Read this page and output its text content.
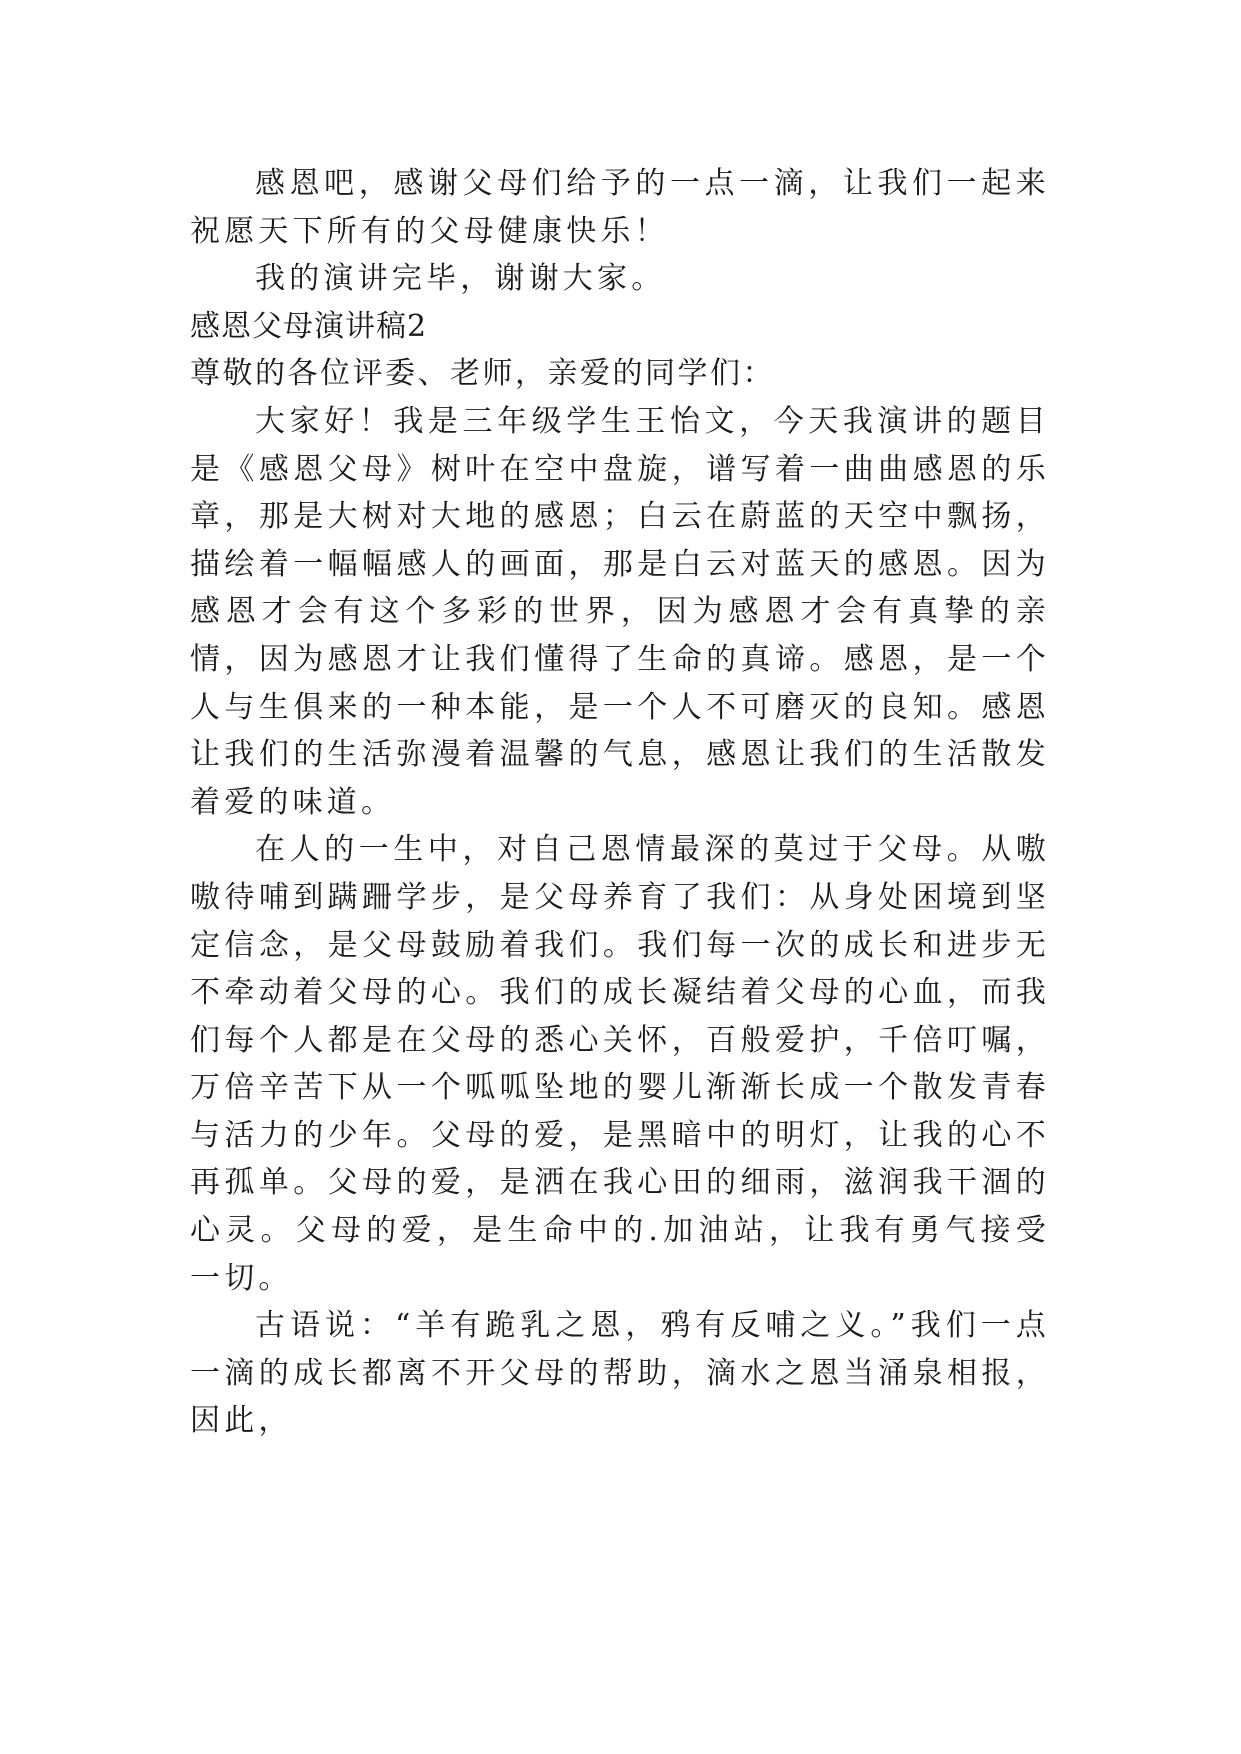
感恩吧，感谢父母们给予的一点一滴，让我们一起来祝愿天下所有的父母健康快乐！

我的演讲完毕，谢谢大家。

感恩父母演讲稿2

尊敬的各位评委、老师，亲爱的同学们：

大家好！我是三年级学生王怡文，今天我演讲的题目是《感恩父母》树叶在空中盘旋，谱写着一曲曲感恩的乐章，那是大树对大地的感恩；白云在蔚蓝的天空中飘扬，描绘着一幅幅感人的画面，那是白云对蓝天的感恩。因为感恩才会有这个多彩的世界，因为感恩才会有真挚的亲情，因为感恩才让我们懂得了生命的真谛。感恩，是一个人与生俱来的一种本能，是一个人不可磨灭的良知。感恩让我们的生活弥漫着温馨的气息，感恩让我们的生活散发着爱的味道。

在人的一生中，对自己恩情最深的莫过于父母。从嗷嗷待哺到蹒跚学步，是父母养育了我们：从身处困境到坚定信念，是父母鼓励着我们。我们每一次的成长和进步无不牵动着父母的心。我们的成长凝结着父母的心血，而我们每个人都是在父母的悉心关怀，百般爱护，千倍叮嘱，万倍辛苦下从一个呱呱坠地的婴儿渐渐长成一个散发青春与活力的少年。父母的爱，是黑暗中的明灯，让我的心不再孤单。父母的爱，是洒在我心田的细雨，滋润我干涸的心灵。父母的爱，是生命中的.加油站，让我有勇气接受一切。

古语说：“羊有跪乳之恩，鸦有反哺之义。”我们一点一滴的成长都离不开父母的帮助，滴水之恩当涌泉相报，因此，
